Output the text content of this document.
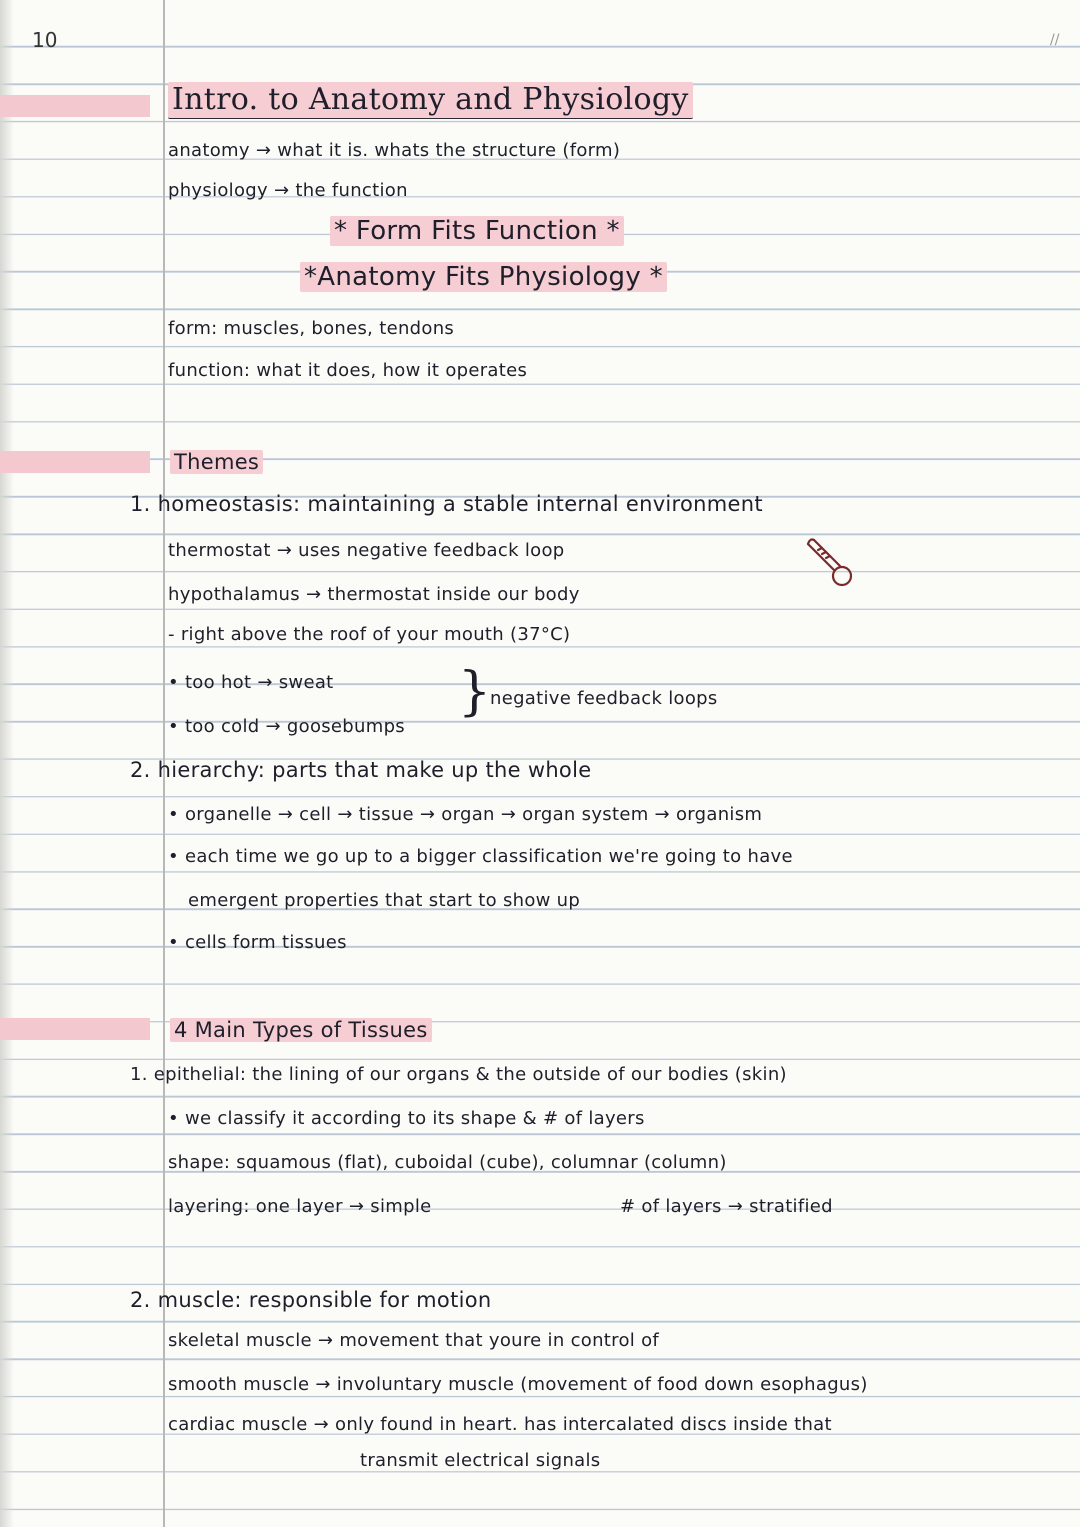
10	//
Intro. to Anatomy and Physiology
anatomy → what it is. whats the structure (form)
physiology → the function
* Form Fits Function *
*Anatomy Fits Physiology *
form: muscles, bones, tendons
function: what it does, how it operates
Themes
1. homeostasis: maintaining a stable internal environment
thermostat → uses negative feedback loop
hypothalamus → thermostat inside our body
- right above the roof of your mouth (37°C)
• too hot → sweat
• too cold → goosebumps
}
negative feedback loops
2. hierarchy: parts that make up the whole
• organelle → cell → tissue → organ → organ system → organism
• each time we go up to a bigger classification we're going to have
emergent properties that start to show up
• cells form tissues
4 Main Types of Tissues
1. epithelial: the lining of our organs & the outside of our bodies (skin)
• we classify it according to its shape & # of layers
shape: squamous (flat), cuboidal (cube), columnar (column)
layering: one layer → simple	# of layers → stratified
2. muscle: responsible for motion
skeletal muscle → movement that youre in control of
smooth muscle → involuntary muscle (movement of food down esophagus)
cardiac muscle → only found in heart. has intercalated discs inside that
transmit electrical signals
